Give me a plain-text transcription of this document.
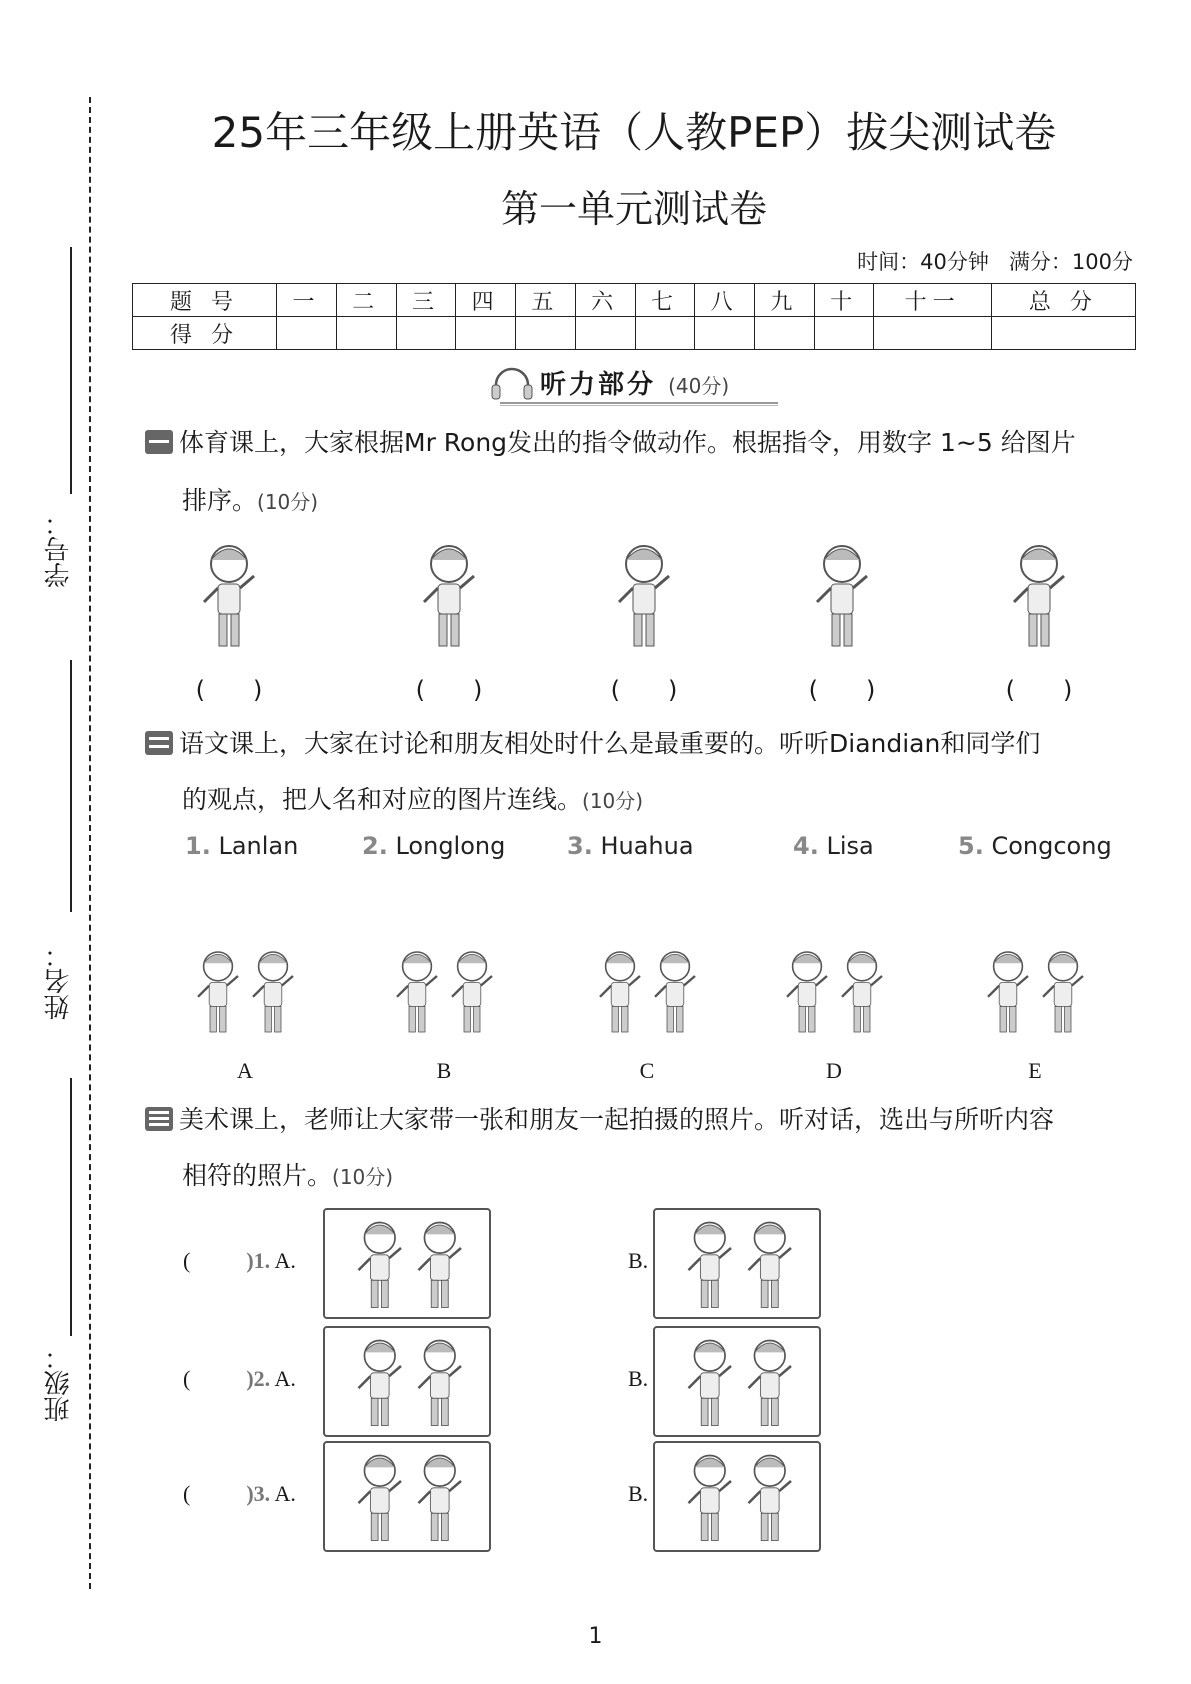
学号：
姓名：
班级：
25年三年级上册英语（人教PEP）拔尖测试卷
第一单元测试卷
时间：40分钟 满分：100分
题 号	一	二	三	四	五	六	七	八	九	十	十一	总 分
得 分												
听力部分 (40分)
体育课上，大家根据Mr Rong发出的指令做动作。根据指令，用数字 1~5 给图片
排序。(10分)
(　　)	(　　)	(　　)	(　　)	(　　)
语文课上，大家在讨论和朋友相处时什么是最重要的。听听Diandian和同学们
的观点，把人名和对应的图片连线。(10分)
1. Lanlan	2. Longlong	3. Huahua	4. Lisa	5. Congcong
A	B	C	D	E
美术课上，老师让大家带一张和朋友一起拍摄的照片。听对话，选出与所听内容
相符的照片。(10分)
(	)1. A.	B.
(	)2. A.	B.
(	)3. A.	B.
1
